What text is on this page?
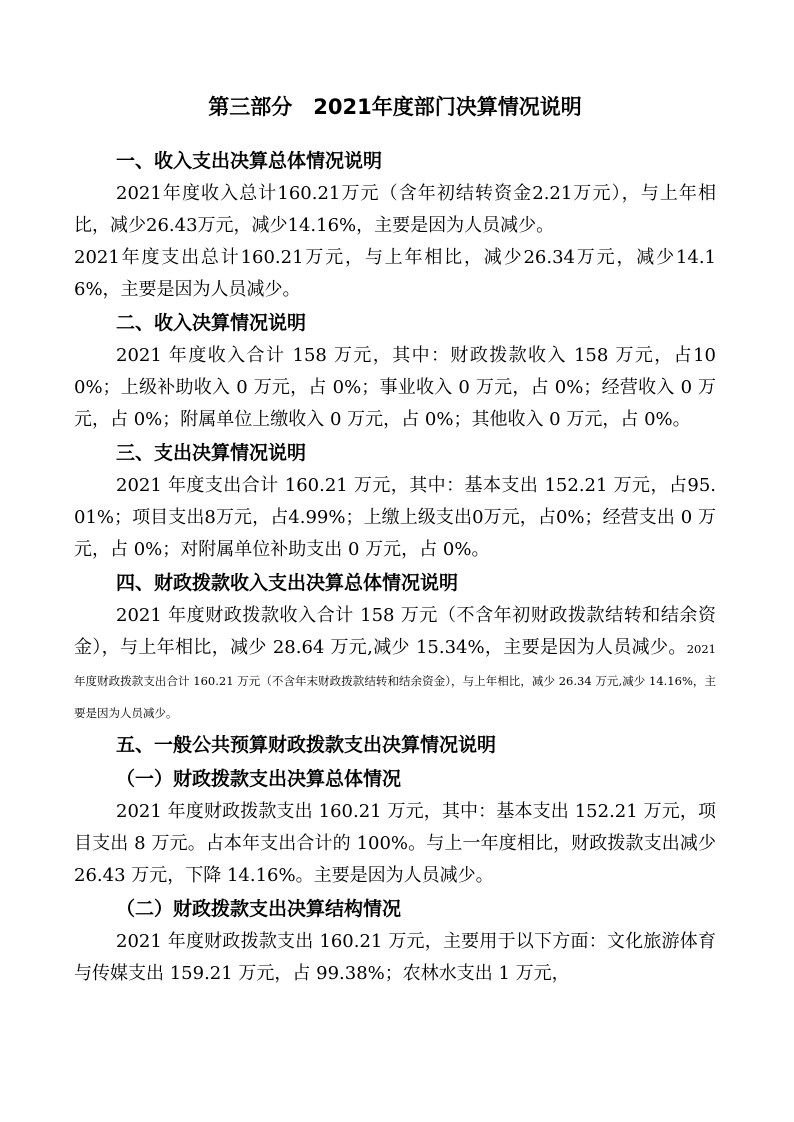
第三部分　2021年度部门决算情况说明
一、收入支出决算总体情况说明

2021年度收入总计160.21万元（含年初结转资金2.21万元），与上年相比，减少26.43万元，减少14.16%，主要是因为人员减少。

2021年度支出总计160.21万元，与上年相比，减少26.34万元，减少14.16%，主要是因为人员减少。

二、收入决算情况说明

2021 年度收入合计 158 万元，其中：财政拨款收入 158 万元，占100%；上级补助收入 0 万元，占 0%；事业收入 0 万元，占 0%；经营收入 0 万元，占 0%；附属单位上缴收入 0 万元，占 0%；其他收入 0 万元，占 0%。

三、支出决算情况说明

2021 年度支出合计 160.21 万元，其中：基本支出 152.21 万元，占95.01%；项目支出8万元，占4.99%；上缴上级支出0万元，占0%；经营支出 0 万元，占 0%；对附属单位补助支出 0 万元，占 0%。

四、财政拨款收入支出决算总体情况说明

2021 年度财政拨款收入合计 158 万元（不含年初财政拨款结转和结余资金），与上年相比，减少 28.64 万元,减少 15.34%，主要是因为人员减少。2021 年度财政拨款支出合计 160.21 万元（不含年末财政拨款结转和结余资金），与上年相比，减少 26.34 万元,减少 14.16%，主要是因为人员减少。

五、一般公共预算财政拨款支出决算情况说明
（一）财政拨款支出决算总体情况

2021 年度财政拨款支出 160.21 万元，其中：基本支出 152.21 万元，项目支出 8 万元。占本年支出合计的 100%。与上一年度相比，财政拨款支出减少 26.43 万元，下降 14.16%。主要是因为人员减少。

（二）财政拨款支出决算结构情况

2021 年度财政拨款支出 160.21 万元，主要用于以下方面：文化旅游体育与传媒支出 159.21 万元，占 99.38%；农林水支出 1 万元，
